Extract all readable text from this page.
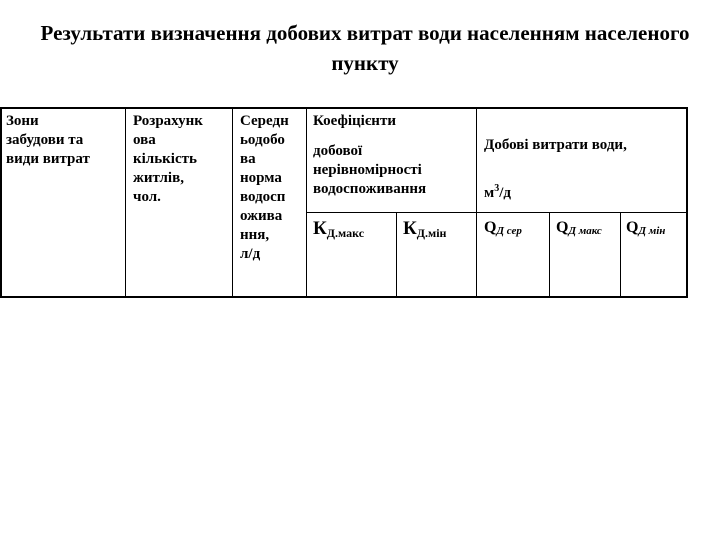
Результати визначення добових витрат води населенням населеного пункту
Зони
забудови та
види витрат
Розрахунк
ова
кількість
житлів,
чол.
Середн
ьодобо
ва
норма
водосп
ожива
ння,
л/д
Коефіцієнти
добової
нерівномірності
водоспоживання

Добові витрати води,

$м^3/д$

КД.макс КД.мін QД сер QД макс QД мін
